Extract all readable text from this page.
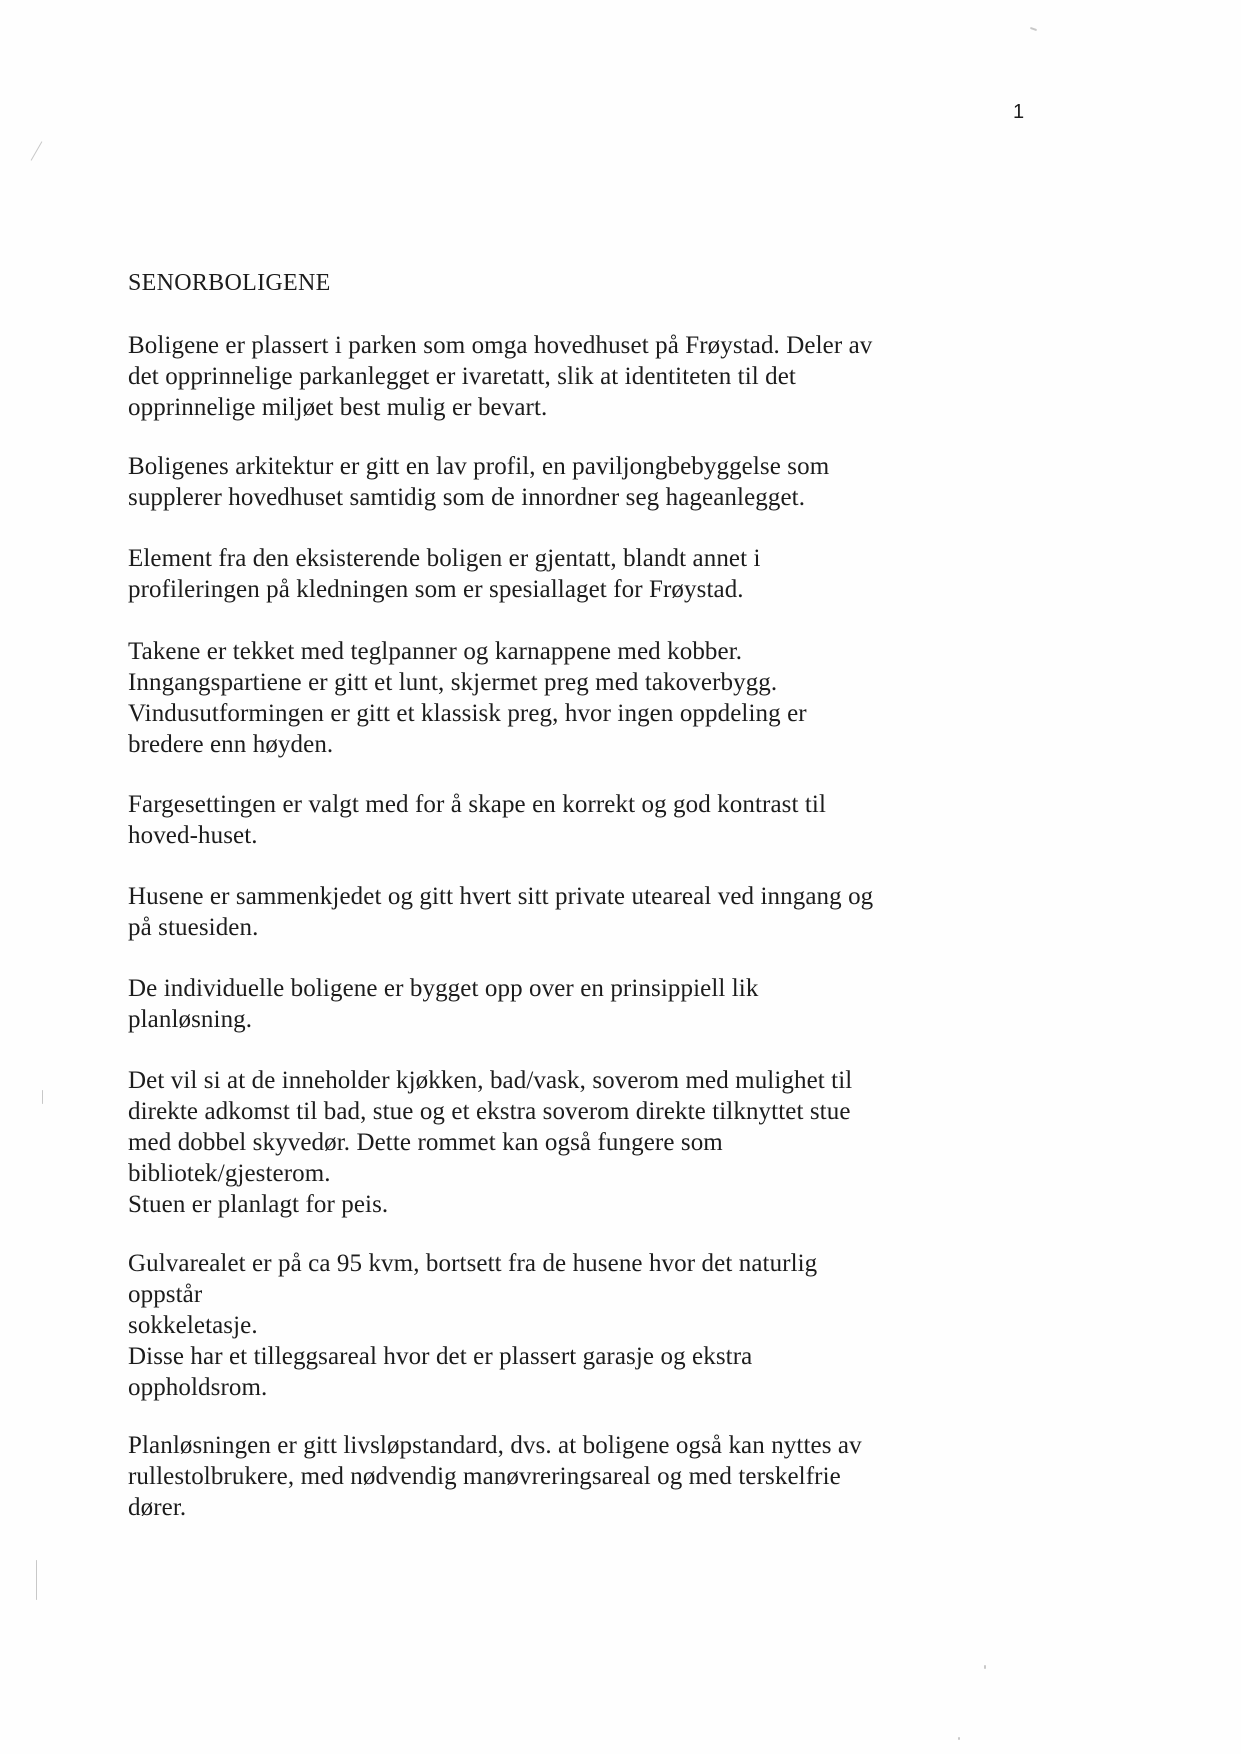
1
SENORBOLIGENE

Boligene er plassert i parken som omga hovedhuset på Frøystad. Deler av
det opprinnelige parkanlegget er ivaretatt, slik at identiteten til det
opprinnelige miljøet best mulig er bevart.

Boligenes arkitektur er gitt en lav profil, en paviljongbebyggelse som
supplerer hovedhuset samtidig som de innordner seg hageanlegget.

Element fra den eksisterende boligen er gjentatt, blandt annet i
profileringen på kledningen som er spesiallaget for Frøystad.

Takene er tekket med teglpanner og karnappene med kobber.
Inngangspartiene er gitt et lunt, skjermet preg med takoverbygg.
Vindusutformingen er gitt et klassisk preg, hvor ingen oppdeling er
bredere enn høyden.

Fargesettingen er valgt med for å skape en korrekt og god kontrast til
hoved-huset.

Husene er sammenkjedet og gitt hvert sitt private uteareal ved inngang og
på stuesiden.

De individuelle boligene er bygget opp over en prinsippiell lik
planløsning.

Det vil si at de inneholder kjøkken, bad/vask, soverom med mulighet til
direkte adkomst til bad, stue og et ekstra soverom direkte tilknyttet stue
med dobbel skyvedør. Dette rommet kan også fungere som
bibliotek/gjesterom.
Stuen er planlagt for peis.

Gulvarealet er på ca 95 kvm, bortsett fra de husene hvor det naturlig
oppstår
sokkeletasje.
Disse har et tilleggsareal hvor det er plassert garasje og ekstra
oppholdsrom.

Planløsningen er gitt livsløpstandard, dvs. at boligene også kan nyttes av
rullestolbrukere, med nødvendig manøvreringsareal og med terskelfrie
dører.
